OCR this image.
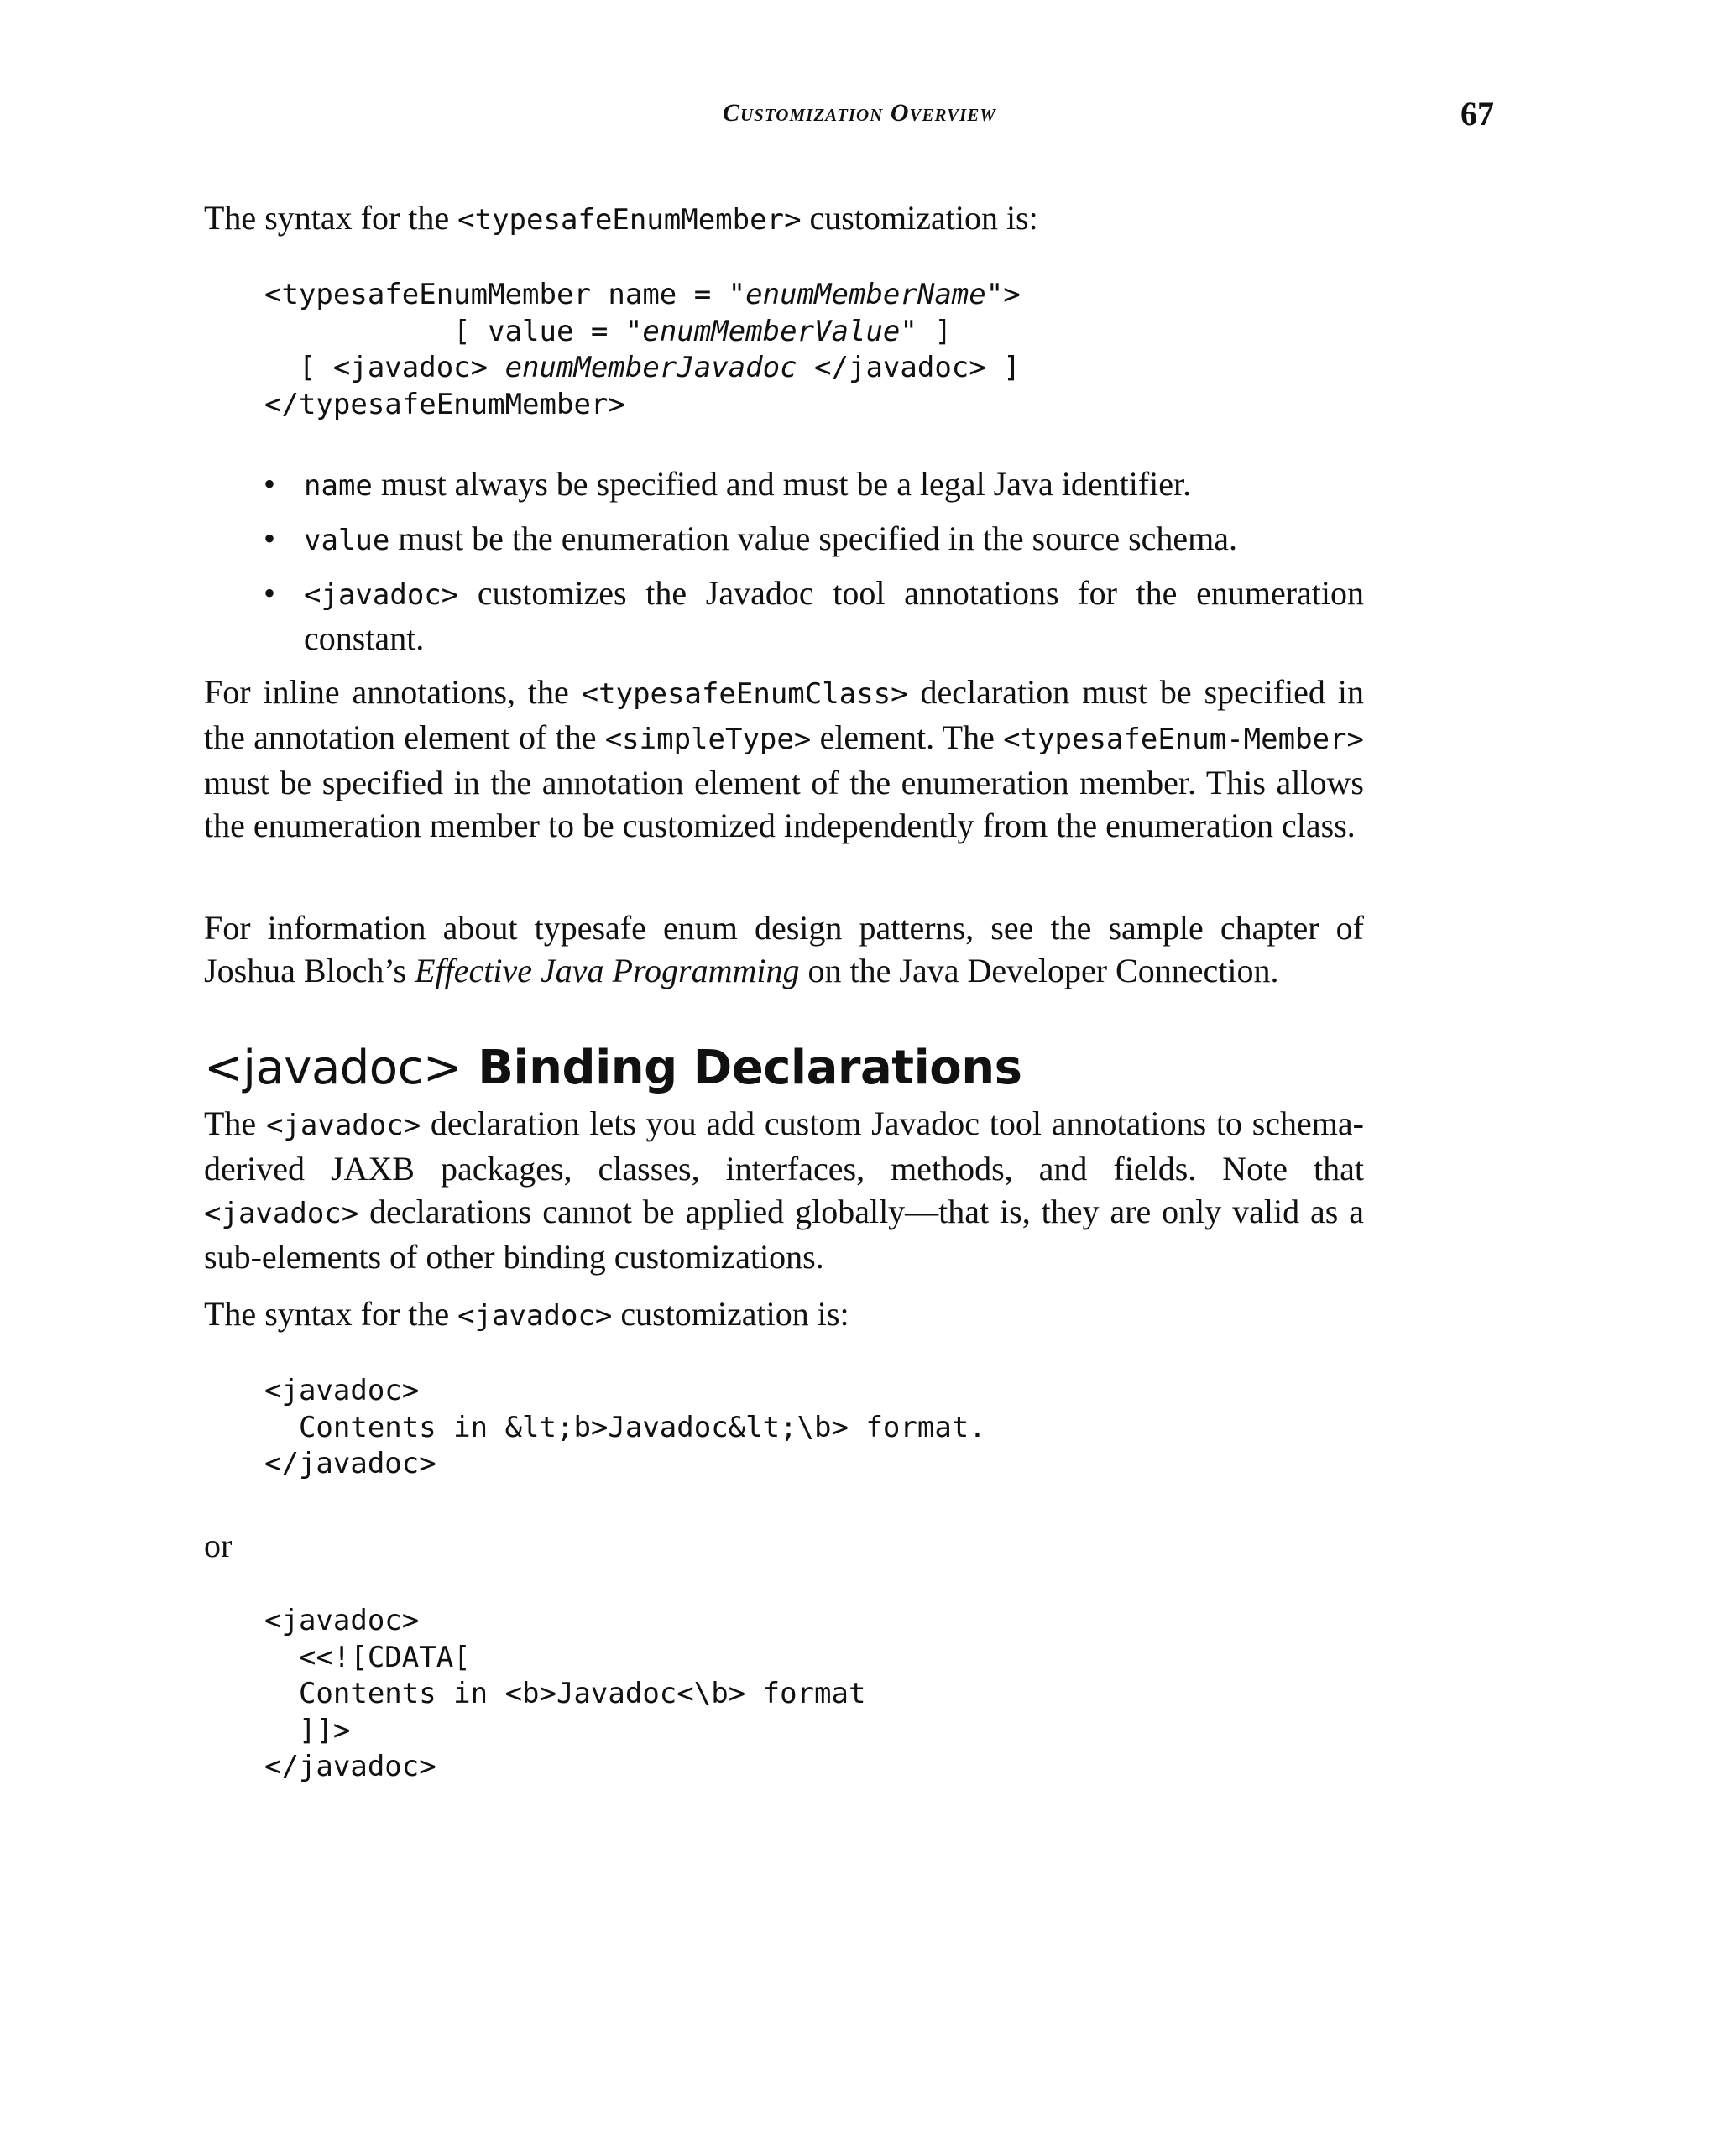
Customization Overview	67

The syntax for the <typesafeEnumMember> customization is:

<typesafeEnumMember name = "enumMemberName">
[ value = "enumMemberValue" ]
[ <javadoc> enumMemberJavadoc </javadoc> ]
</typesafeEnumMember>
• name must always be specified and must be a legal Java identifier.
• value must be the enumeration value specified in the source schema.
• <javadoc> customizes the Javadoc tool annotations for the enumeration constant.

For inline annotations, the <typesafeEnumClass> declaration must be specified in the annotation element of the <simpleType> element. The <typesafeEnum-Member> must be specified in the annotation element of the enumeration member. This allows the enumeration member to be customized independently from the enumeration class.

For information about typesafe enum design patterns, see the sample chapter of Joshua Bloch’s Effective Java Programming on the Java Developer Connection.

<javadoc> Binding Declarations

The <javadoc> declaration lets you add custom Javadoc tool annotations to schema-derived JAXB packages, classes, interfaces, methods, and fields. Note that <javadoc> declarations cannot be applied globally—that is, they are only valid as a sub-elements of other binding customizations.

The syntax for the <javadoc> customization is:

<javadoc>
Contents in &lt;b>Javadoc&lt;\b> format.
</javadoc>

or

<javadoc>
<<![CDATA[
Contents in <b>Javadoc<\b> format
]]>
</javadoc>
